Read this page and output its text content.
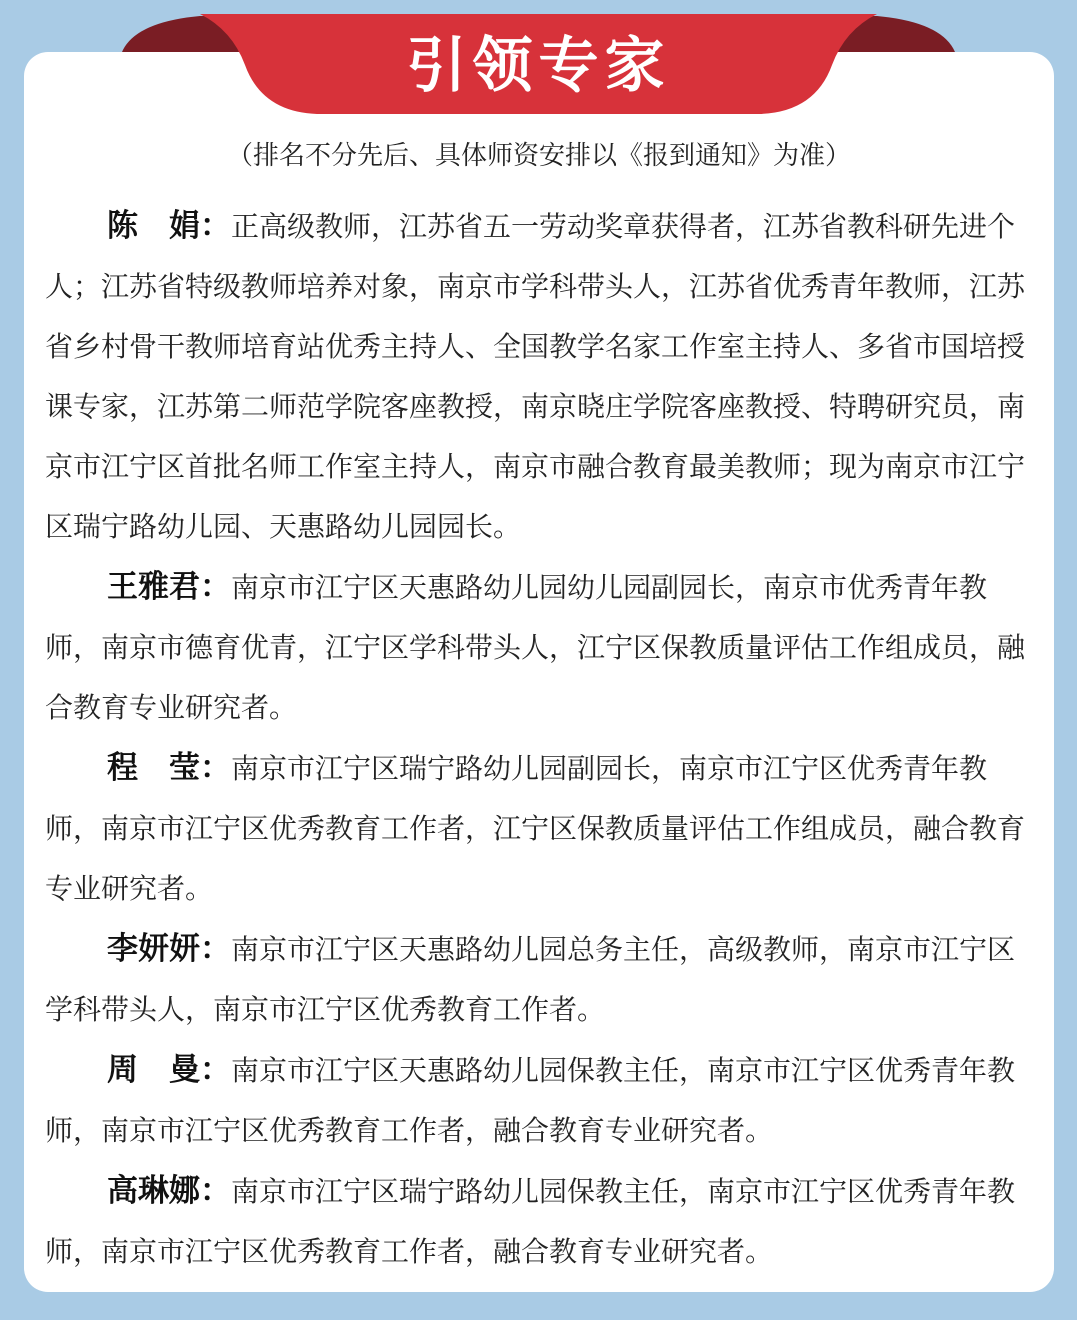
引领专家
（排名不分先后、具体师资安排以《报到通知》为准）

陈　娟：正高级教师，江苏省五一劳动奖章获得者，江苏省教科研先进个人；江苏省特级教师培养对象，南京市学科带头人，江苏省优秀青年教师，江苏省乡村骨干教师培育站优秀主持人、全国教学名家工作室主持人、多省市国培授课专家，江苏第二师范学院客座教授，南京晓庄学院客座教授、特聘研究员，南京市江宁区首批名师工作室主持人，南京市融合教育最美教师；现为南京市江宁区瑞宁路幼儿园、天惠路幼儿园园长。

王雅君：南京市江宁区天惠路幼儿园幼儿园副园长，南京市优秀青年教师，南京市德育优青，江宁区学科带头人，江宁区保教质量评估工作组成员，融合教育专业研究者。

程　莹：南京市江宁区瑞宁路幼儿园副园长，南京市江宁区优秀青年教师，南京市江宁区优秀教育工作者，江宁区保教质量评估工作组成员，融合教育专业研究者。

李妍妍：南京市江宁区天惠路幼儿园总务主任，高级教师，南京市江宁区学科带头人，南京市江宁区优秀教育工作者。

周　曼：南京市江宁区天惠路幼儿园保教主任，南京市江宁区优秀青年教师，南京市江宁区优秀教育工作者，融合教育专业研究者。

高琳娜：南京市江宁区瑞宁路幼儿园保教主任，南京市江宁区优秀青年教师，南京市江宁区优秀教育工作者，融合教育专业研究者。
